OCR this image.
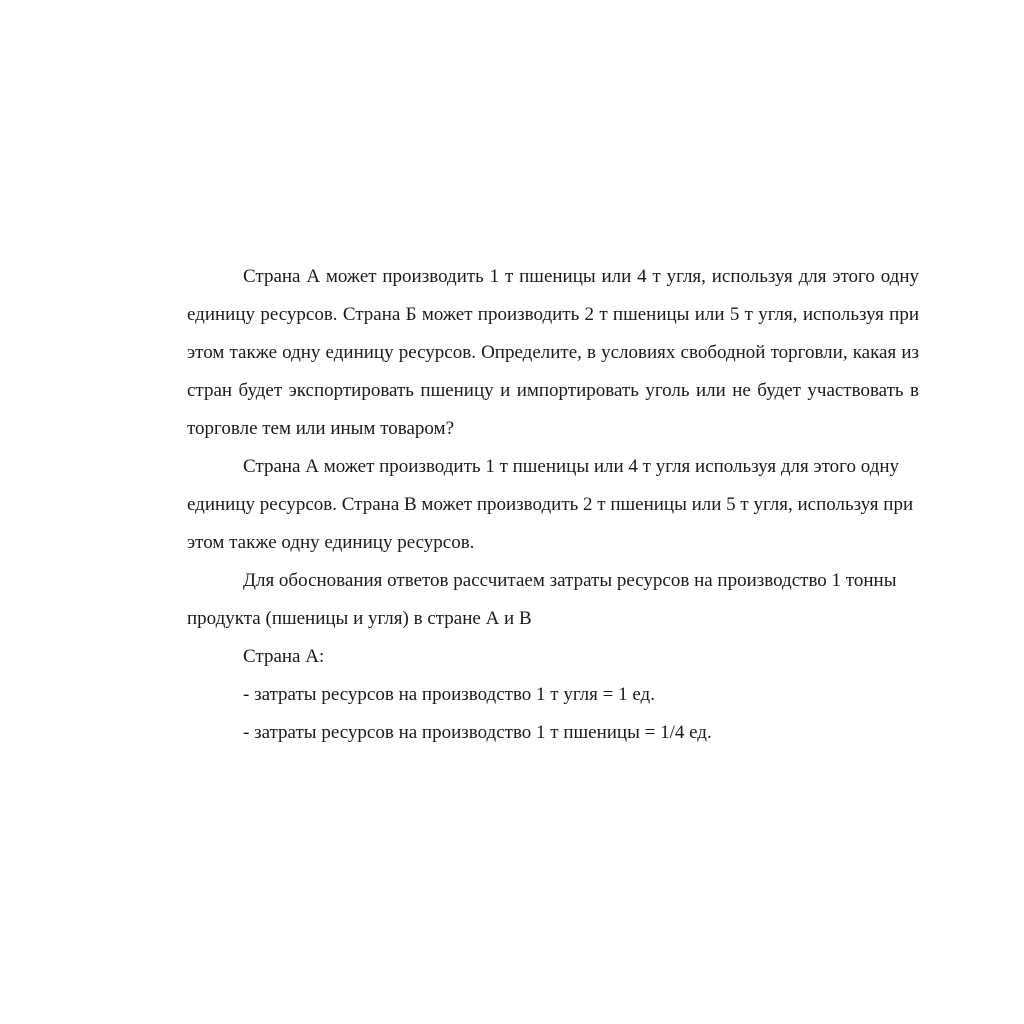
Страна А может производить 1 т пшеницы или 4 т угля, используя для этого одну единицу ресурсов. Страна Б может производить 2 т пшеницы или 5 т угля, используя при этом также одну единицу ресурсов. Определите, в условиях свободной торговли, какая из стран будет экспортировать пшеницу и импортировать уголь или не будет участвовать в торговле тем или иным товаром?

Страна А может производить 1 т пшеницы или 4 т угля используя для этого одну единицу ресурсов. Страна В может производить 2 т пшеницы или 5 т угля, используя при этом также одну единицу ресурсов.

Для обоснования ответов рассчитаем затраты ресурсов на производство 1 тонны продукта (пшеницы и угля) в стране А и В

Страна А:

- затраты ресурсов на производство 1 т угля = 1 ед.

- затраты ресурсов на производство 1 т пшеницы = 1/4 ед.
